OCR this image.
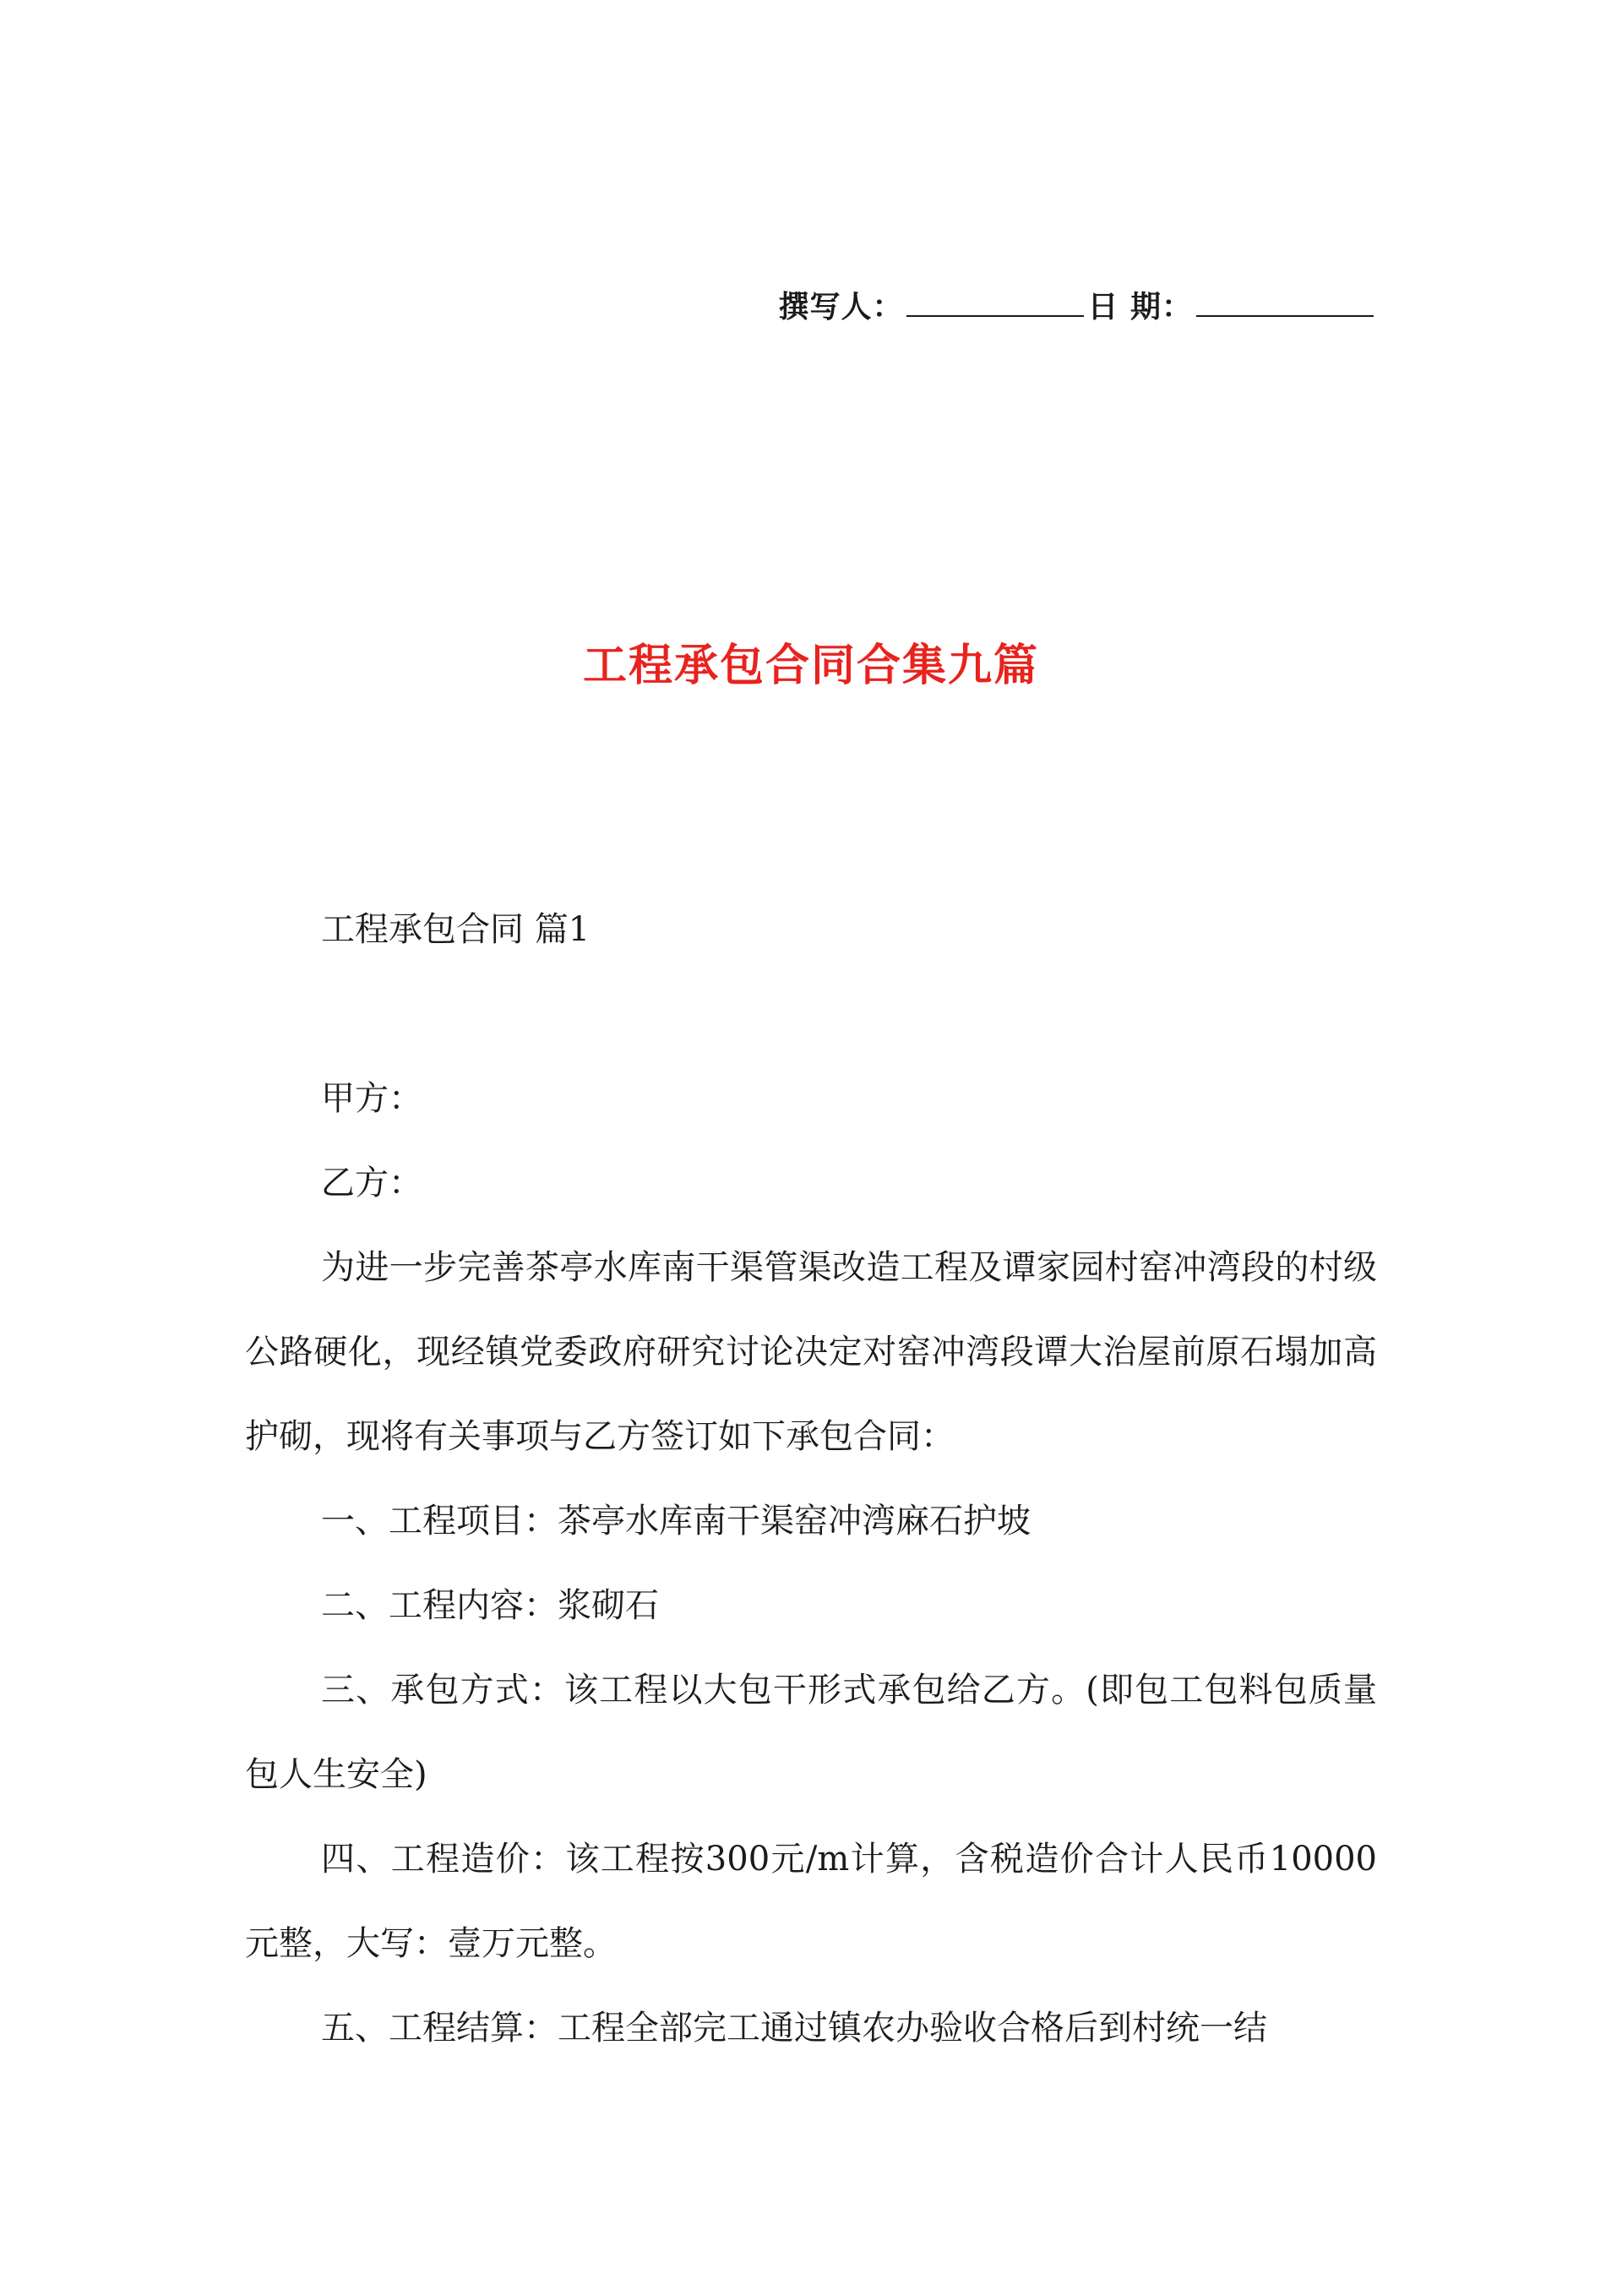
撰写人：	日 期：
工程承包合同合集九篇
工程承包合同 篇1

甲方：

乙方：

为进一步完善茶亭水库南干渠管渠改造工程及谭家园村窑冲湾段的村级公路硬化，现经镇党委政府研究讨论决定对窑冲湾段谭大治屋前原石塌加高护砌，现将有关事项与乙方签订如下承包合同：

一、工程项目：茶亭水库南干渠窑冲湾麻石护坡

二、工程内容：浆砌石

三、承包方式：该工程以大包干形式承包给乙方。(即包工包料包质量包人生安全)

四、工程造价：该工程按300元/m计算，含税造价合计人民币10000元整，大写：壹万元整。

五、工程结算：工程全部完工通过镇农办验收合格后到村统一结
